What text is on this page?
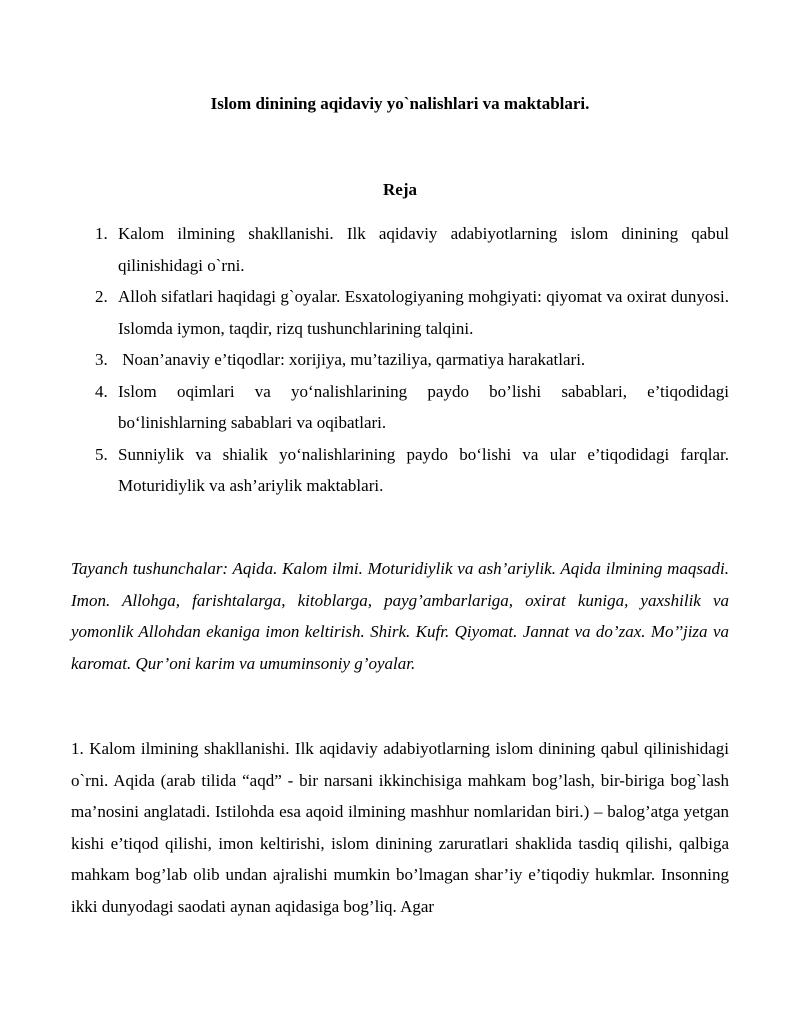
Islom dinining aqidaviy yo`nalishlari va maktablari.
Reja
1. Kalom ilmining shakllanishi. Ilk aqidaviy adabiyotlarning islom dinining qabul qilinishidagi o`rni.
2. Alloh sifatlari haqidagi g`oyalar. Esxatologiyaning mohgiyati: qiyomat va oxirat dunyosi. Islomda iymon, taqdir, rizq tushunchlarining talqini.
3. Noan’anaviy e’tiqodlar: xorijiya, mu’taziliya, qarmatiya harakatlari.
4. Islom oqimlari va yo‘nalishlarining paydo bo’lishi sabablari, e’tiqodidagi bo‘linishlarning sabablari va oqibatlari.
5. Sunniylik va shialik yo‘nalishlarining paydo bo‘lishi va ular e’tiqodidagi farqlar. Moturidiylik va ash’ariylik maktablari.

Tayanch tushunchalar: Aqida. Kalom ilmi. Moturidiylik va ash’ariylik. Aqida ilmining maqsadi. Imon. Allohga, farishtalarga, kitoblarga, payg’ambarlariga, oxirat kuniga, yaxshilik va yomonlik Allohdan ekaniga imon keltirish. Shirk. Kufr. Qiyomat. Jannat va do’zax. Mo’’jiza va karomat. Qur’oni karim va umuminsoniy g’oyalar.

1. Kalom ilmining shakllanishi. Ilk aqidaviy adabiyotlarning islom dinining qabul qilinishidagi o`rni. Aqida (arab tilida “aqd” - bir narsani ikkinchisiga mahkam bog’lash, bir-biriga bog`lash ma’nosini anglatadi. Istilohda esa aqoid ilmining mashhur nomlaridan biri.) – balog’atga yetgan kishi e’tiqod qilishi, imon keltirishi, islom dinining zaruratlari shaklida tasdiq qilishi, qalbiga mahkam bog’lab olib undan ajralishi mumkin bo’lmagan shar’iy e’tiqodiy hukmlar. Insonning ikki dunyodagi saodati aynan aqidasiga bog’liq. Agar
